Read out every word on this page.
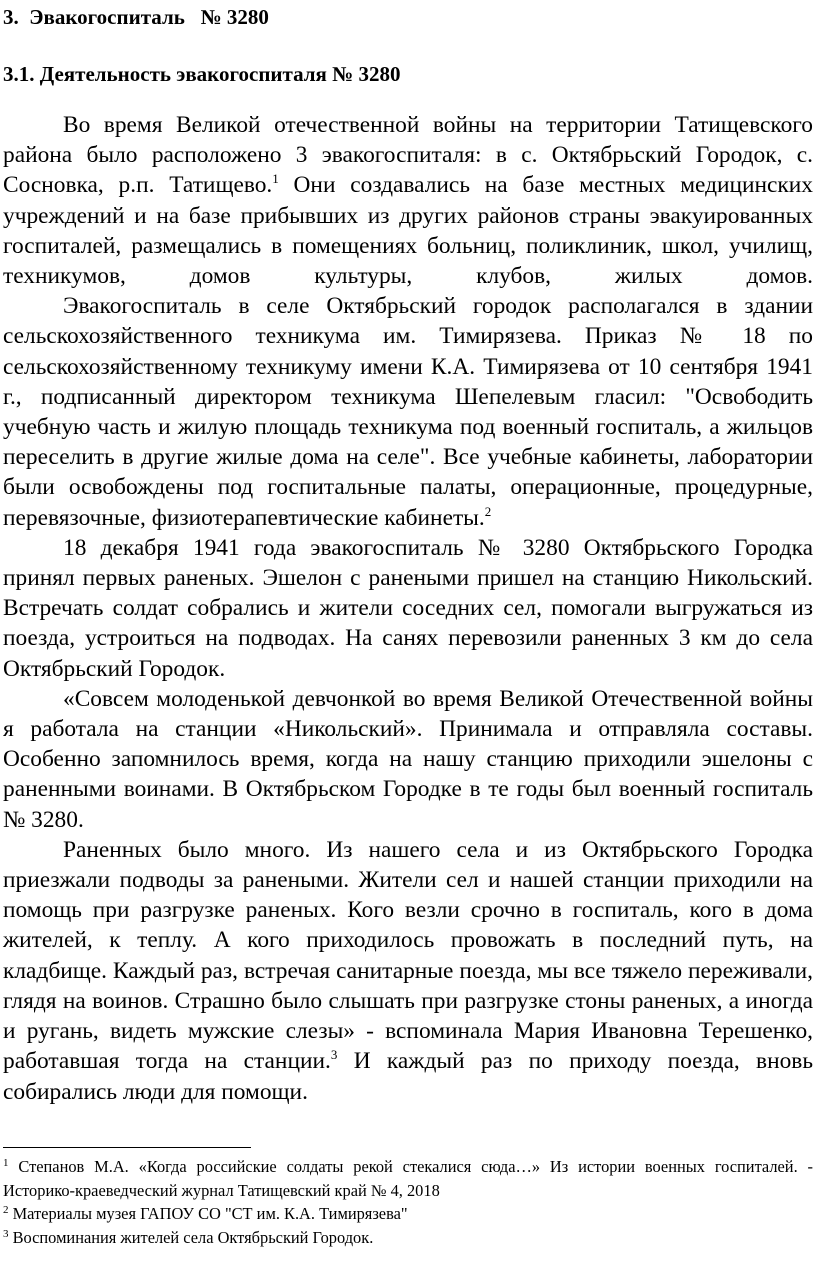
3. Эвакогоспиталь   № 3280
3.1. Деятельность эвакогоспиталя № 3280

Во время Великой отечественной войны на территории Татищевского района было расположено 3 эвакогоспиталя: в с. Октябрьский Городок, с. Сосновка, р.п. Татищево.$^1$ Они создавались на базе местных медицинских учреждений и на базе прибывших из других районов страны эвакуированных госпиталей, размещались в помещениях больниц, поликлиник, школ, училищ, техникумов, домов культуры, клубов, жилых домов.

Эвакогоспиталь в селе Октябрьский городок располагался в здании сельскохозяйственного техникума им. Тимирязева. Приказ № 18 по сельскохозяйственному техникуму имени К.А. Тимирязева от 10 сентября 1941 г., подписанный директором техникума Шепелевым гласил: "Освободить учебную часть и жилую площадь техникума под военный госпиталь, а жильцов переселить в другие жилые дома на селе". Все учебные кабинеты, лаборатории были освобождены под госпитальные палаты, операционные, процедурные, перевязочные, физиотерапевтические кабинеты.$^2$

18 декабря 1941 года эвакогоспиталь № 3280 Октябрьского Городка принял первых раненых. Эшелон с ранеными пришел на станцию Никольский. Встречать солдат собрались и жители соседних сел, помогали выгружаться из поезда, устроиться на подводах. На санях перевозили раненных 3 км до села Октябрьский Городок.

«Совсем молоденькой девчонкой во время Великой Отечественной войны я работала на станции «Никольский». Принимала и отправляла составы. Особенно запомнилось время, когда на нашу станцию приходили эшелоны с раненными воинами. В Октябрьском Городке в те годы был военный госпиталь № 3280.

Раненных было много. Из нашего села и из Октябрьского Городка приезжали подводы за ранеными. Жители сел и нашей станции приходили на помощь при разгрузке раненых. Кого везли срочно в госпиталь, кого в дома жителей, к теплу. А кого приходилось провожать в последний путь, на кладбище. Каждый раз, встречая санитарные поезда, мы все тяжело переживали, глядя на воинов. Страшно было слышать при разгрузке стоны раненых, а иногда и ругань, видеть мужские слезы» - вспоминала Мария Ивановна Терешенко, работавшая тогда на станции.$^3$ И каждый раз по приходу поезда, вновь собирались люди для помощи.

$^1$ Степанов М.А. «Когда российские солдаты рекой стекалися сюда…» Из истории военных госпиталей. - Историко-краеведческий журнал Татищевский край № 4, 2018

$^2$ Материалы музея ГАПОУ СО "СТ им. К.А. Тимирязева"

$^3$ Воспоминания жителей села Октябрьский Городок.
